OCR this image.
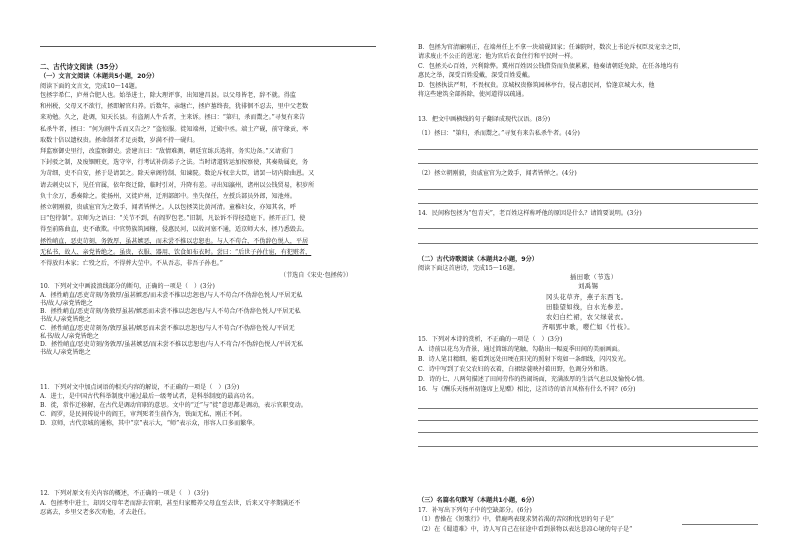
二、古代诗文阅读（35分）
（一）文言文阅读（本题共5小题，20分）
阅读下面的文言文，完成10～14题。
包拯字希仁，庐州合肥人也。始举进士，除大理评事，出知建昌县。以父母皆老，辞不就。得监
和州税，父母又不欲行，拯即解官归养。后数年，亲继亡，拯庐墓终丧，犹徘徊不忍去，里中父老数
来劝勉。久之，赴调，知天长县。有盗割人牛舌者，主来诉。拯曰：“第归，杀而鬻之。”寻复有来告
私杀牛者，拯曰：“何为割牛舌而又告之？”盗惊服。徙知端州，迁殿中丞。端土产砚，前守缘贡，率
取数十倍以遗权贵。拯命制者才足贡数，岁满不持一砚归。
拜监察御史里行，改监察御史。尝建言曰：“敌情难测，朝廷宜练兵选将，务实边备。”又请重门
下封驳之制，及废锢赃吏，选守宰，行考试补荫弟子之法。当时诸道转运加按察使，其奏劾属吏，务
为苛细，吏不自安，拯于是请罢之。除天章阁待制、知谏院。数论斥权幸大臣，请罢一切内除曲恩。又
请去刺史以下，见任官属，依年资迁除，临时引对，升降有差。寻出知瀛州，诸州以公钱贸易，积岁所
负十余万，悉奏除之。徙扬州，又徙庐州，迁刑部郎中。坐失保任，左授兵部员外郎，知池州。
拯立朝刚毅，贵戚宦官为之敛手，闻者皆惮之。人以包拯笑比黄河清。童稚妇女，亦知其名，呼
曰“包待制”。京师为之语曰：“关节不到，有阎罗包老。”旧制，凡讼诉不得径造庭下。拯开正门，使
得至前陈曲直，吏不敢欺。中官势族筑园榭，侵惠民河，以故河塞不通，适京师大水，拯乃悉毁去。
拯性峭直，恶吏苛刻，务敦厚，虽甚嫉恶，而未尝不推以忠恕也。与人不苟合，不伪辞色悦人，平居
无私书，故人、亲党皆绝之。虽贵，衣服、器用、饮食如布衣时。尝曰：“后世子孙仕宦，有犯赃者，
不得放归本家；亡殁之后，不得葬大茔中。不从吾志，非吾子孙也。”
（节选自《宋史·包拯传》）
10．下列对文中画波浪线部分的断句，正确的一项是（　）(3分)
A．拯性峭直/恶吏苛刻/务敦厚/虽甚嫉恶/而未尝不推以忠恕也/与人不苟合/不伪辞色悦人/平居无私
书/故人/亲党皆绝之
B．拯性峭直/恶吏苛刻/务敦厚虽甚/嫉恶而未尝不推以忠恕也/与人不苟合/不伪辞色悦人/平居无私
书故人/亲党皆绝之
C．拯性峭直/恶吏苛刻务/敦厚虽甚/嫉恶而未尝不推以忠恕也/与人不苟合/不伪辞色悦人/平居无
私书/故人/亲党皆绝之
D．拯性峭直/恶吏苛刻/务敦厚/虽甚嫉恶/而未尝不推以忠恕也/与人不苟合/不伪辞色悦人/平居无私
书故人/亲党皆绝之
11．下列对文中加点词语的相关内容的解说，不正确的一项是（　）(3分)
A．进士，是中国古代科举制度中通过最后一级考试者，是科举制度的最高功名。
B．徙，常作迁移解，在古代是调动官职的意思。文中的“迁”与“徙”意思都是调动，表示官职变动。
C．阎罗，是民间传说中的阎王，审判死者生前作为，铁面无私，刚正不阿。
D．京师，古代京城的通称，其中“京”表示大，“师”表示众，形容人口多而繁华。
12．下列对原文有关内容的概述，不正确的一项是（　）(3分)
A．包拯考中进士，却因父母年老而辞去官职，甚至归家赡养父母直至去世，后来又守孝期满还不
忍离去，乡里父老多次劝他，才去赴任。
B．包拯为官清廉刚正，在端州任上不拿一块端砚回家；任谏院时，数次上书论斥权臣及宠幸之臣，
请求废止不公正的恩宠；他为官后衣食住行和平民时一样。
C．包拯关心百姓，兴利除弊。冀州百姓因公钱借贷而负债累累，他奏请朝廷免除，在任各地均有
惠民之举，深受百姓爱戴，深受百姓爱戴。
D．包拯执法严明，不畏权贵。京城权贵修筑园林亭台，侵占惠民河，恰逢京城大水，他
将这些建筑全部拆除，使河道得以疏通。
13．把文中画横线的句子翻译成现代汉语。(8分)
（1）拯曰：“第归，杀而鬻之。”寻复有来告私杀牛者。(4分)
（2）拯立朝刚毅，贵戚宦官为之敛手，闻者皆惮之。(4分)
14．民间称包拯为“包青天”，老百姓这样称呼他的原因是什么？请简要说明。(3分)
（二）古代诗歌阅读（本题共2小题，9分）
阅读下面这首唐诗，完成15～16题。
插田歌（节选）
刘禹锡
冈头花草齐，燕子东西飞。
田塍望如线，白水光参差。
农妇白纻裙，农父绿蓑衣。
齐唱郢中歌，嘤伫如《竹枝》。
15．下列对本诗的赏析，不正确的一项是（　）(3分)
A．诗前以花鸟为背景，通过简练的笔触，勾勒出一幅夏季田间的美丽画面。
B．诗人笔目精细，能看到远处田埂在阳光的照射下宛如一条细线，闪闪发光。
C．诗中写到了农父农妇的衣着，白裙绿蓑映衬着田野，色调分外和谐。
D．诗的七、八两句描述了田间劳作的热闹场面，充满浓厚的生活气息以及愉悦心情。
16．与《酬乐天扬州初逢席上见赠》相比，这首诗的语言风格有什么不同？(6分)
（三）名篇名句默写（本题共1小题，6分）
17．补写出下列句子中的空缺部分。(6分)
（1）曹操在《短歌行》中，借鹿鸣表现求贤若渴的苦闷和忧思的句子是“
（2）在《蜀道难》中，诗人写自己在征途中看到景物以表达悲凉心境的句子是“
